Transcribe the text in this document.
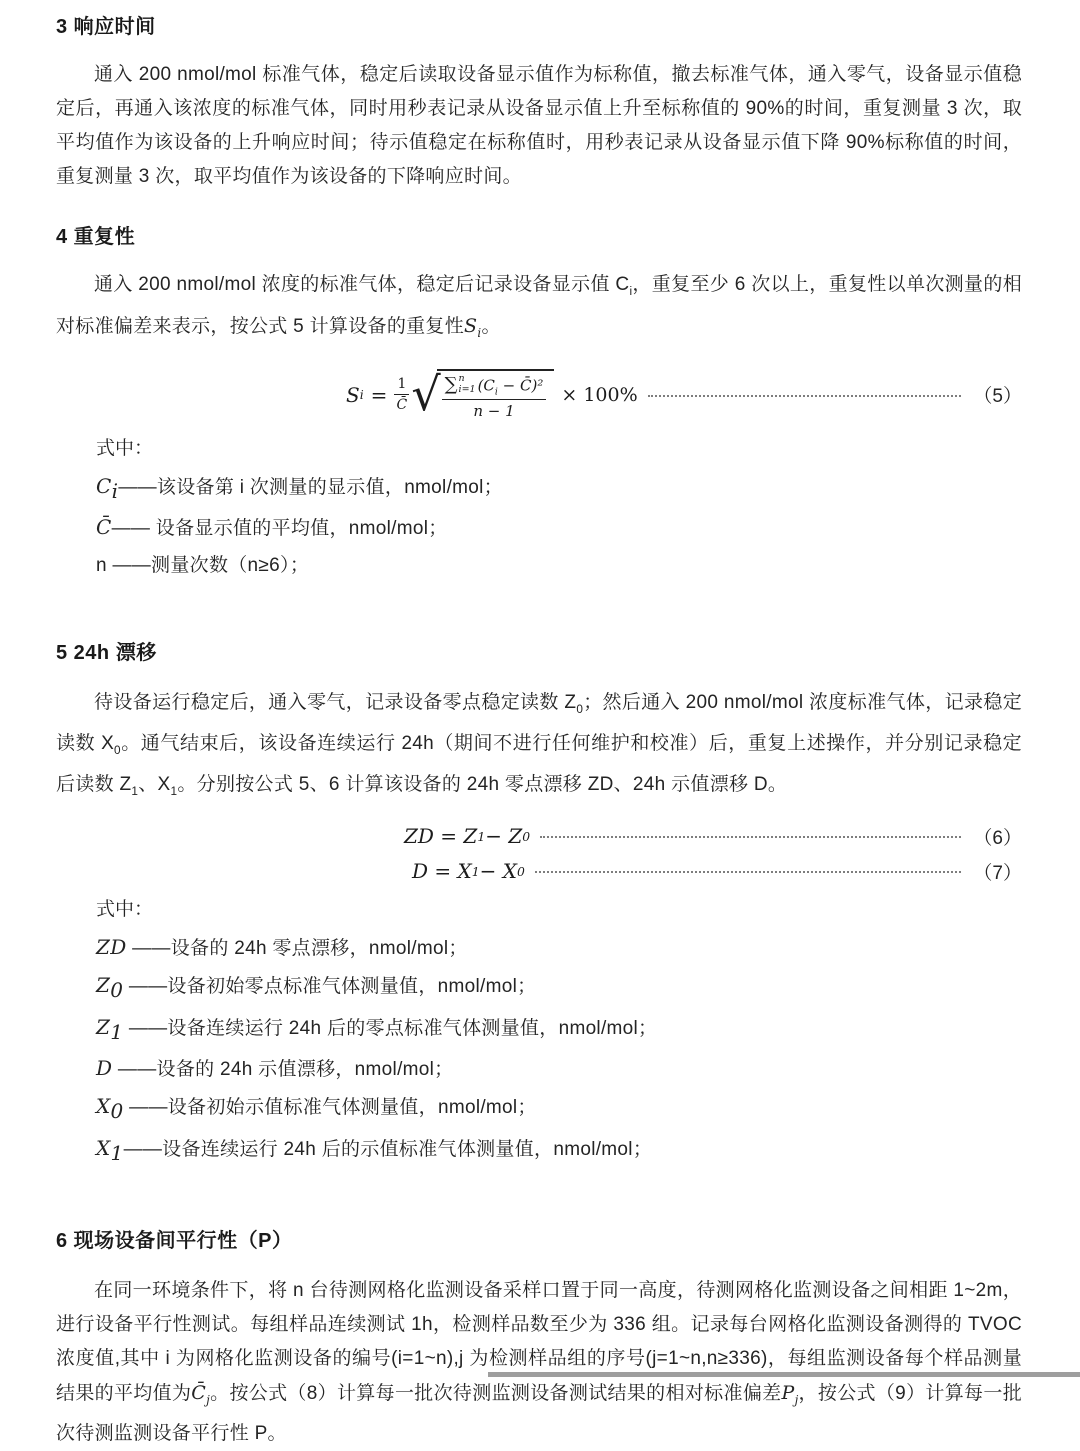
3 响应时间
通入 200 nmol/mol 标准气体，稳定后读取设备显示值作为标称值，撤去标准气体，通入零气，设备显示值稳定后，再通入该浓度的标准气体，同时用秒表记录从设备显示值上升至标称值的 90%的时间，重复测量 3 次，取平均值作为该设备的上升响应时间；待示值稳定在标称值时，用秒表记录从设备显示值下降 90%标称值的时间，重复测量 3 次，取平均值作为该设备的下降响应时间。
4 重复性
通入 200 nmol/mol 浓度的标准气体，稳定后记录设备显示值 $C_i$，重复至少 6 次以上，重复性以单次测量的相对标准偏差来表示，按公式 5 计算设备的重复性$S_i$。
S $i = \frac{1}{C̄}$ √ ∑ n
i=1 ($C_i$ − C̄)²
n − 1 × 100%	（5）
式中：
$C_i——$该设备第 i 次测量的显示值，nmol/mol；
C̄—— 设备显示值的平均值，nmol/mol；
n ——测量次数（n≥6）；
5 24h 漂移
待设备运行稳定后，通入零气，记录设备零点稳定读数 $Z_0$；然后通入 200 nmol/mol 浓度标准气体，记录稳定读数 $X_0$。通气结束后，该设备连续运行 24h（期间不进行任何维护和校准）后，重复上述操作，并分别记录稳定后读数 $Z_1$、$X_1$。分别按公式 5、6 计算该设备的 24h 零点漂移 ZD、24h 示值漂移 D。
ZD = Z 1 − Z 0	（6）
D = X 1 − X 0	（7）
式中：
ZD ——设备的 24h 零点漂移，nmol/mol；
$Z_0$ ——设备初始零点标准气体测量值，nmol/mol；
$Z_1$ ——设备连续运行 24h 后的零点标准气体测量值，nmol/mol；
D ——设备的 24h 示值漂移，nmol/mol；
$X_0$ ——设备初始示值标准气体测量值，nmol/mol；
$X_1——$设备连续运行 24h 后的示值标准气体测量值，nmol/mol；
6 现场设备间平行性（P）
在同一环境条件下，将 n 台待测网格化监测设备采样口置于同一高度，待测网格化监测设备之间相距 1~2m，进行设备平行性测试。每组样品连续测试 1h，检测样品数至少为 336 组。记录每台网格化监测设备测得的 TVOC 浓度值,其中 i 为网格化监测设备的编号(i=1~n),j 为检测样品组的序号(j=1~n,n≥336)，每组监测设备每个样品测量结果的平均值为$C̄_j$。按公式（8）计算每一批次待测监测设备测试结果的相对标准偏差$P_j$，按公式（9）计算每一批次待测监测设备平行性 P。
